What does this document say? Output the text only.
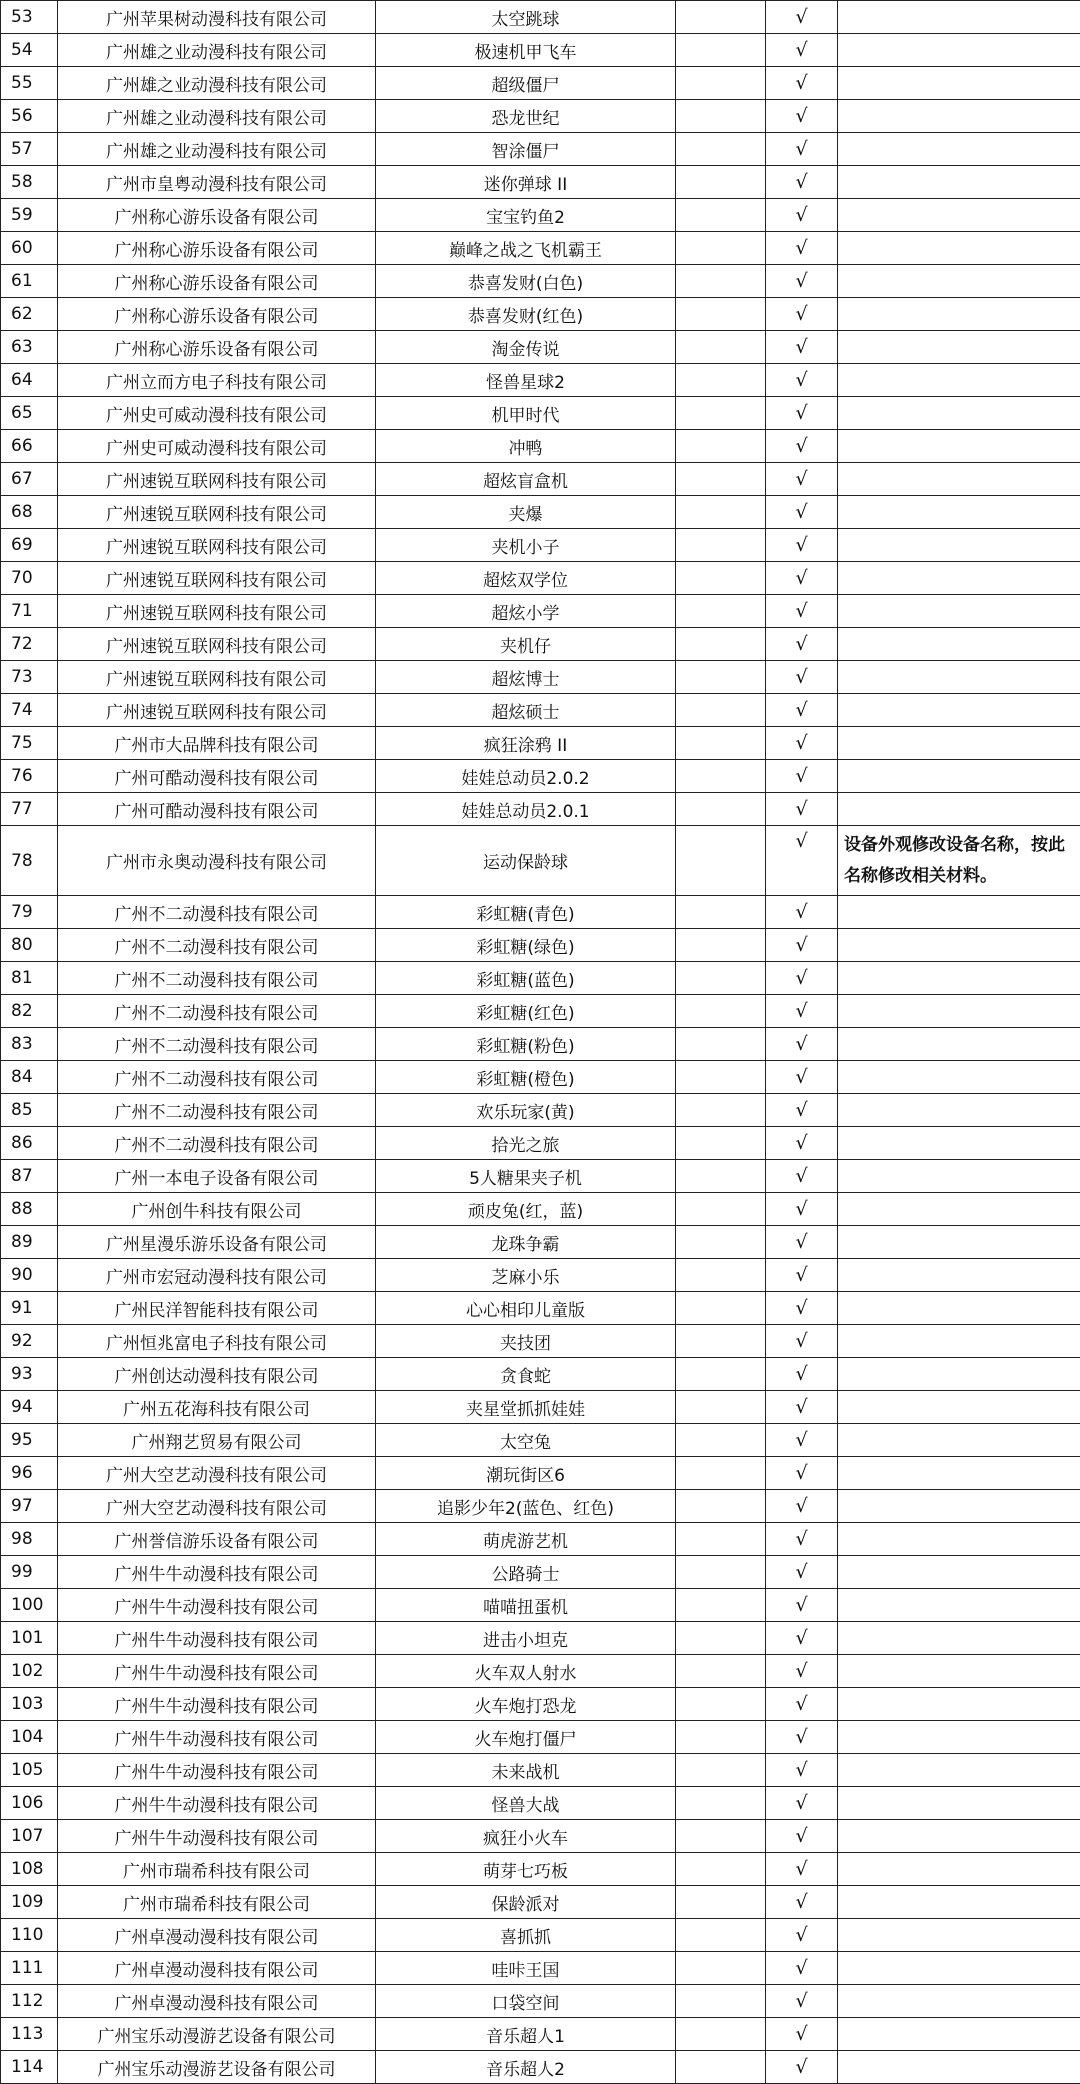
53	广州苹果树动漫科技有限公司	太空跳球		√	
54	广州雄之业动漫科技有限公司	极速机甲飞车		√	
55	广州雄之业动漫科技有限公司	超级僵尸		√	
56	广州雄之业动漫科技有限公司	恐龙世纪		√	
57	广州雄之业动漫科技有限公司	智涂僵尸		√	
58	广州市皇粤动漫科技有限公司	迷你弹球 II		√	
59	广州称心游乐设备有限公司	宝宝钓鱼2		√	
60	广州称心游乐设备有限公司	巅峰之战之飞机霸王		√	
61	广州称心游乐设备有限公司	恭喜发财(白色)		√	
62	广州称心游乐设备有限公司	恭喜发财(红色)		√	
63	广州称心游乐设备有限公司	淘金传说		√	
64	广州立而方电子科技有限公司	怪兽星球2		√	
65	广州史可威动漫科技有限公司	机甲时代		√	
66	广州史可威动漫科技有限公司	冲鸭		√	
67	广州速锐互联网科技有限公司	超炫盲盒机		√	
68	广州速锐互联网科技有限公司	夹爆		√	
69	广州速锐互联网科技有限公司	夹机小子		√	
70	广州速锐互联网科技有限公司	超炫双学位		√	
71	广州速锐互联网科技有限公司	超炫小学		√	
72	广州速锐互联网科技有限公司	夹机仔		√	
73	广州速锐互联网科技有限公司	超炫博士		√	
74	广州速锐互联网科技有限公司	超炫硕士		√	
75	广州市大品牌科技有限公司	疯狂涂鸦 II		√	
76	广州可酷动漫科技有限公司	娃娃总动员2.0.2		√	
77	广州可酷动漫科技有限公司	娃娃总动员2.0.1		√	
78	广州市永奥动漫科技有限公司	运动保龄球		√	设备外观修改设备名称，按此名称修改相关材料。
79	广州不二动漫科技有限公司	彩虹糖(青色)		√	
80	广州不二动漫科技有限公司	彩虹糖(绿色)		√	
81	广州不二动漫科技有限公司	彩虹糖(蓝色)		√	
82	广州不二动漫科技有限公司	彩虹糖(红色)		√	
83	广州不二动漫科技有限公司	彩虹糖(粉色)		√	
84	广州不二动漫科技有限公司	彩虹糖(橙色)		√	
85	广州不二动漫科技有限公司	欢乐玩家(黄)		√	
86	广州不二动漫科技有限公司	拾光之旅		√	
87	广州一本电子设备有限公司	5人糖果夹子机		√	
88	广州创牛科技有限公司	顽皮兔(红，蓝)		√	
89	广州星漫乐游乐设备有限公司	龙珠争霸		√	
90	广州市宏冠动漫科技有限公司	芝麻小乐		√	
91	广州民洋智能科技有限公司	心心相印儿童版		√	
92	广州恒兆富电子科技有限公司	夹技团		√	
93	广州创达动漫科技有限公司	贪食蛇		√	
94	广州五花海科技有限公司	夹星堂抓抓娃娃		√	
95	广州翔艺贸易有限公司	太空兔		√	
96	广州大空艺动漫科技有限公司	潮玩街区6		√	
97	广州大空艺动漫科技有限公司	追影少年2(蓝色、红色)		√	
98	广州誉信游乐设备有限公司	萌虎游艺机		√	
99	广州牛牛动漫科技有限公司	公路骑士		√	
100	广州牛牛动漫科技有限公司	喵喵扭蛋机		√	
101	广州牛牛动漫科技有限公司	进击小坦克		√	
102	广州牛牛动漫科技有限公司	火车双人射水		√	
103	广州牛牛动漫科技有限公司	火车炮打恐龙		√	
104	广州牛牛动漫科技有限公司	火车炮打僵尸		√	
105	广州牛牛动漫科技有限公司	未来战机		√	
106	广州牛牛动漫科技有限公司	怪兽大战		√	
107	广州牛牛动漫科技有限公司	疯狂小火车		√	
108	广州市瑞希科技有限公司	萌芽七巧板		√	
109	广州市瑞希科技有限公司	保龄派对		√	
110	广州卓漫动漫科技有限公司	喜抓抓		√	
111	广州卓漫动漫科技有限公司	哇咔王国		√	
112	广州卓漫动漫科技有限公司	口袋空间		√	
113	广州宝乐动漫游艺设备有限公司	音乐超人1		√	
114	广州宝乐动漫游艺设备有限公司	音乐超人2		√	
